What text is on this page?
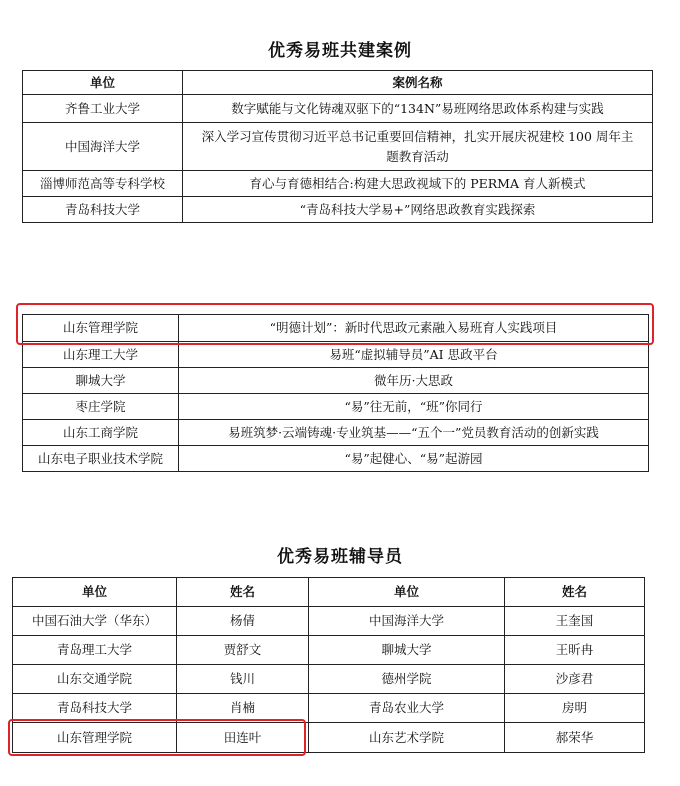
优秀易班共建案例
单位	案例名称
齐鲁工业大学	数字赋能与文化铸魂双驱下的“134N”易班网络思政体系构建与实践
中国海洋大学	深入学习宣传贯彻习近平总书记重要回信精神，扎实开展庆祝建校 100 周年主题教育活动
淄博师范高等专科学校	育心与育德相结合:构建大思政视域下的 PERMA 育人新模式
青岛科技大学	“青岛科技大学易+”网络思政教育实践探索
山东管理学院	“明德计划”：新时代思政元素融入易班育人实践项目
山东理工大学	易班“虚拟辅导员”AI 思政平台
聊城大学	微年历·大思政
枣庄学院	“易”往无前，“班”你同行
山东工商学院	易班筑梦·云端铸魂·专业筑基——“五个一”党员教育活动的创新实践
山东电子职业技术学院	“易”起健心、“易”起游园
优秀易班辅导员
单位	姓名	单位	姓名
中国石油大学（华东）	杨倩	中国海洋大学	王奎国
青岛理工大学	贾舒文	聊城大学	王昕冉
山东交通学院	钱川	德州学院	沙彦君
青岛科技大学	肖楠	青岛农业大学	房明
山东管理学院	田连叶	山东艺术学院	郝荣华
